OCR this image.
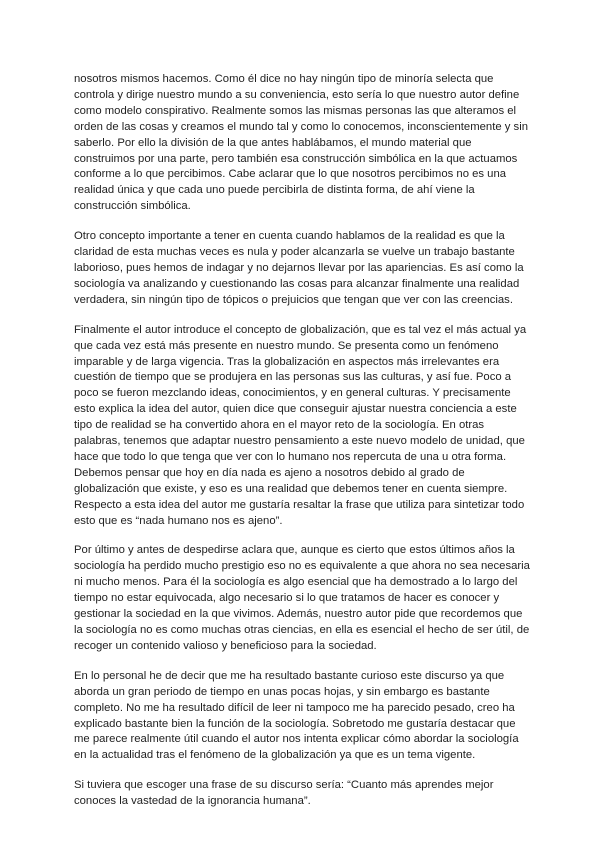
nosotros mismos hacemos. Como él dice no hay ningún tipo de minoría selecta que controla y dirige nuestro mundo a su conveniencia, esto sería lo que nuestro autor define como modelo conspirativo. Realmente somos las mismas personas las que alteramos el orden de las cosas y creamos el mundo tal y como lo conocemos, inconscientemente y sin saberlo. Por ello la división de la que antes hablábamos, el mundo material que construimos por una parte, pero también esa construcción simbólica en la que actuamos conforme a lo que percibimos. Cabe aclarar que lo que nosotros percibimos no es una realidad única y que cada uno puede percibirla de distinta forma, de ahí viene la construcción simbólica.

Otro concepto importante a tener en cuenta cuando hablamos de la realidad es que la claridad de esta muchas veces es nula y poder alcanzarla se vuelve un trabajo bastante laborioso, pues hemos de indagar y no dejarnos llevar por las apariencias. Es así como la sociología va analizando y cuestionando las cosas para alcanzar finalmente una realidad verdadera, sin ningún tipo de tópicos o prejuicios que tengan que ver con las creencias.

Finalmente el autor introduce el concepto de globalización, que es tal vez el más actual ya que cada vez está más presente en nuestro mundo. Se presenta como un fenómeno imparable y de larga vigencia. Tras la globalización en aspectos más irrelevantes era cuestión de tiempo que se produjera en las personas sus las culturas, y así fue. Poco a poco se fueron mezclando ideas, conocimientos, y en general culturas. Y precisamente esto explica la idea del autor, quien dice que conseguir ajustar nuestra conciencia a este tipo de realidad se ha convertido ahora en el mayor reto de la sociología. En otras palabras, tenemos que adaptar nuestro pensamiento a este nuevo modelo de unidad, que hace que todo lo que tenga que ver con lo humano nos repercuta de una u otra forma. Debemos pensar que hoy en día nada es ajeno a nosotros debido al grado de globalización que existe, y eso es una realidad que debemos tener en cuenta siempre. Respecto a esta idea del autor me gustaría resaltar la frase que utiliza para sintetizar todo esto que es “nada humano nos es ajeno”.

Por último y antes de despedirse aclara que, aunque es cierto que estos últimos años la sociología ha perdido mucho prestigio eso no es equivalente a que ahora no sea necesaria ni mucho menos. Para él la sociología es algo esencial que ha demostrado a lo largo del tiempo no estar equivocada, algo necesario si lo que tratamos de hacer es conocer y gestionar la sociedad en la que vivimos. Además, nuestro autor pide que recordemos que la sociología no es como muchas otras ciencias, en ella es esencial el hecho de ser útil, de recoger un contenido valioso y beneficioso para la sociedad.

En lo personal he de decir que me ha resultado bastante curioso este discurso ya que aborda un gran periodo de tiempo en unas pocas hojas, y sin embargo es bastante completo. No me ha resultado difícil de leer ni tampoco me ha parecido pesado, creo ha explicado bastante bien la función de la sociología. Sobretodo me gustaría destacar que me parece realmente útil cuando el autor nos intenta explicar cómo abordar la sociología en la actualidad tras el fenómeno de la globalización ya que es un tema vigente.

Si tuviera que escoger una frase de su discurso sería: “Cuanto más aprendes mejor conoces la vastedad de la ignorancia humana”.
